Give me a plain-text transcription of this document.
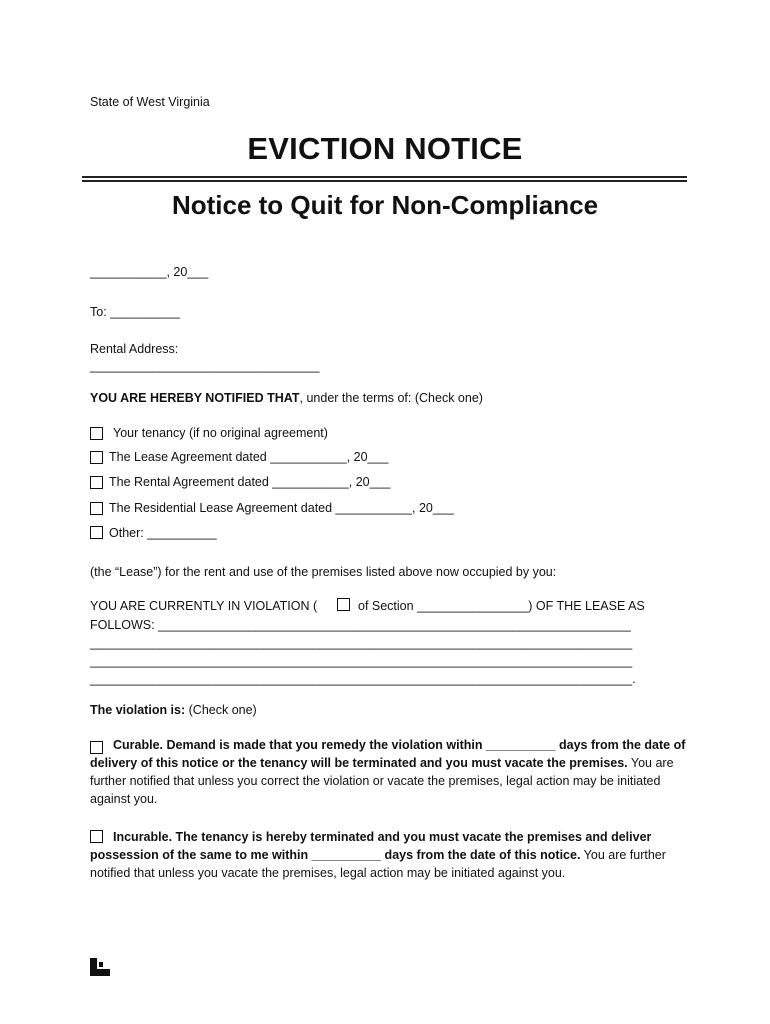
State of West Virginia
EVICTION NOTICE
Notice to Quit for Non-Compliance
___________, 20___
To: __________
Rental Address:
_________________________________
YOU ARE HEREBY NOTIFIED THAT, under the terms of: (Check one)
Your tenancy (if no original agreement)
The Lease Agreement dated ___________, 20___
The Rental Agreement dated ___________, 20___
The Residential Lease Agreement dated ___________, 20___
Other: __________
(the “Lease”) for the rent and use of the premises listed above now occupied by you:
YOU ARE CURRENTLY IN VIOLATION (	of Section ________________) OF THE LEASE AS
FOLLOWS: ____________________________________________________________________
______________________________________________________________________________
______________________________________________________________________________
______________________________________________________________________________.
The violation is: (Check one)
Curable. Demand is made that you remedy the violation within __________ days from the date of delivery of this notice or the tenancy will be terminated and you must vacate the premises. You are further notified that unless you correct the violation or vacate the premises, legal action may be initiated against you.
Incurable. The tenancy is hereby terminated and you must vacate the premises and deliver possession of the same to me within __________ days from the date of this notice. You are further notified that unless you vacate the premises, legal action may be initiated against you.
